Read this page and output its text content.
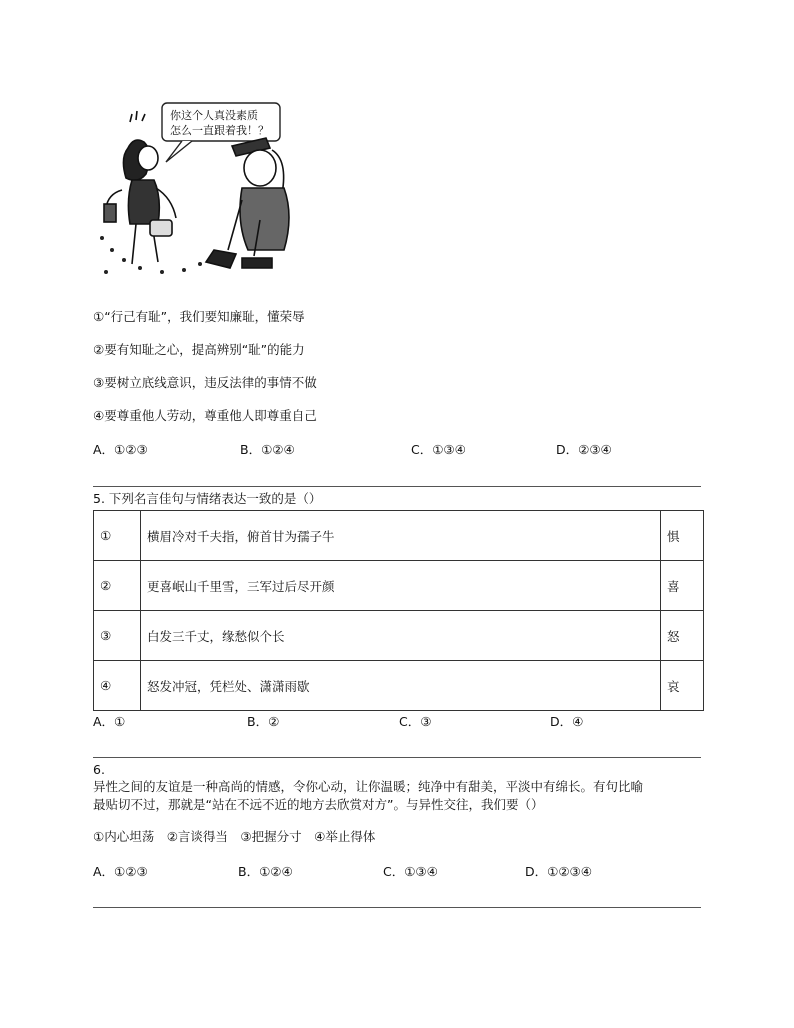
你这个人真没素质
怎么一直跟着我！？
①“行己有耻”，我们要知廉耻，懂荣辱
②要有知耻之心，提高辨别“耻”的能力
③要树立底线意识，违反法律的事情不做
④要尊重他人劳动，尊重他人即尊重自己
A．①②③	B．①②④	C．①③④	D．②③④
5. 下列名言佳句与情绪表达一致的是（）
①	横眉冷对千夫指，俯首甘为孺子牛	惧
②	更喜岷山千里雪，三军过后尽开颜	喜
③	白发三千丈，缘愁似个长	怒
④	怒发冲冠，凭栏处、潇潇雨歇	哀
A．①	B．②	C．③	D．④
6.
异性之间的友谊是一种高尚的情感，令你心动，让你温暖；纯净中有甜美，平淡中有绵长。有句比喻
最贴切不过，那就是“站在不远不近的地方去欣赏对方”。与异性交往，我们要（）
①内心坦荡　②言谈得当　③把握分寸　④举止得体
A．①②③	B．①②④	C．①③④	D．①②③④
